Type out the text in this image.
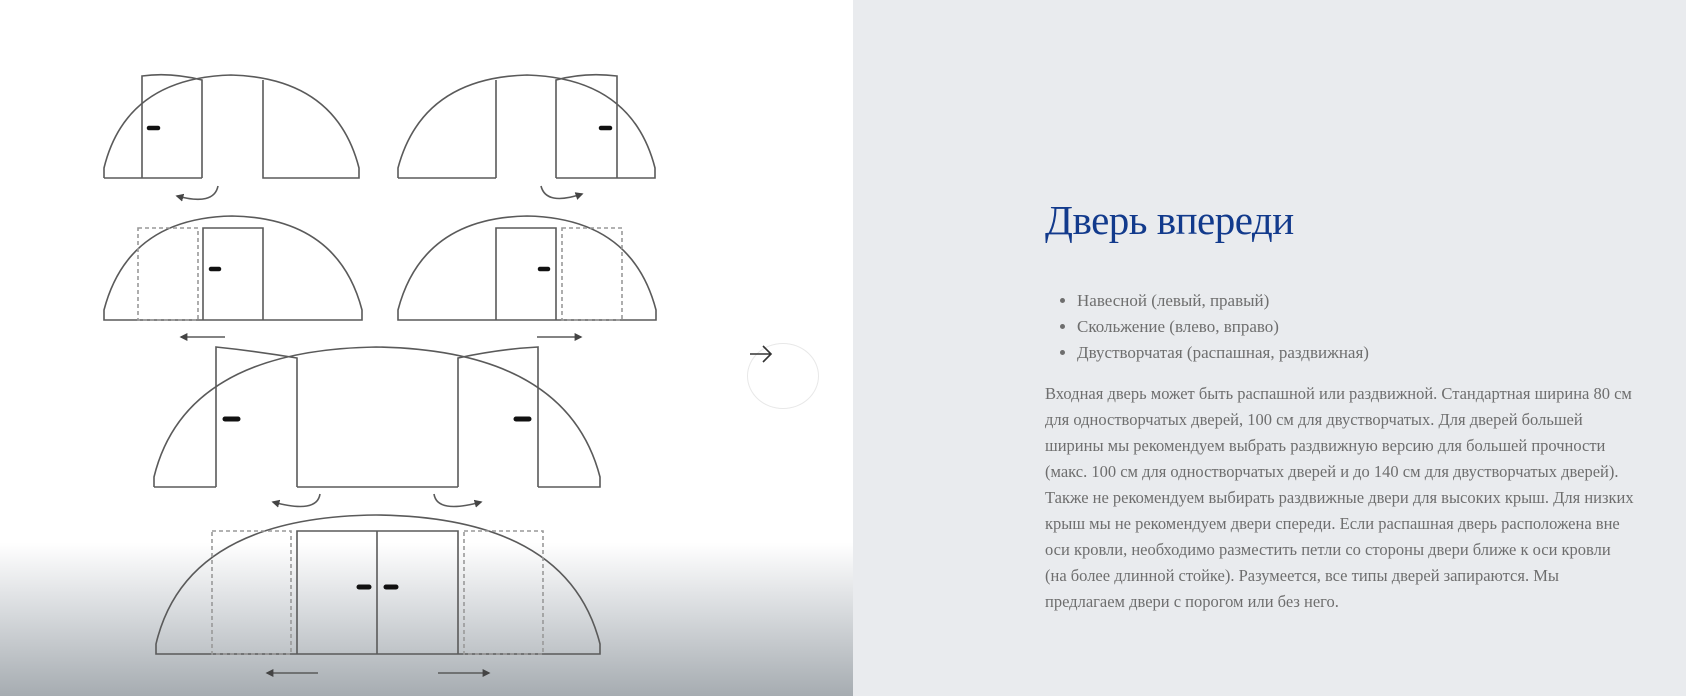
Дверь впереди
• Навесной (левый, правый)
• Скольжение (влево, вправо)
• Двустворчатая (распашная, раздвижная)

Входная дверь может быть распашной или раздвижной. Стандартная ширина 80 см для одностворчатых дверей, 100 см для двустворчатых. Для дверей большей ширины мы рекомендуем выбрать раздвижную версию для большей прочности (макс. 100 см для одностворчатых дверей и до 140 см для двустворчатых дверей). Также не рекомендуем выбирать раздвижные двери для высоких крыш. Для низких крыш мы не рекомендуем двери спереди. Если распашная дверь расположена вне оси кровли, необходимо разместить петли со стороны двери ближе к оси кровли (на более длинной стойке). Разумеется, все типы дверей запираются. Мы предлагаем двери с порогом или без него.
